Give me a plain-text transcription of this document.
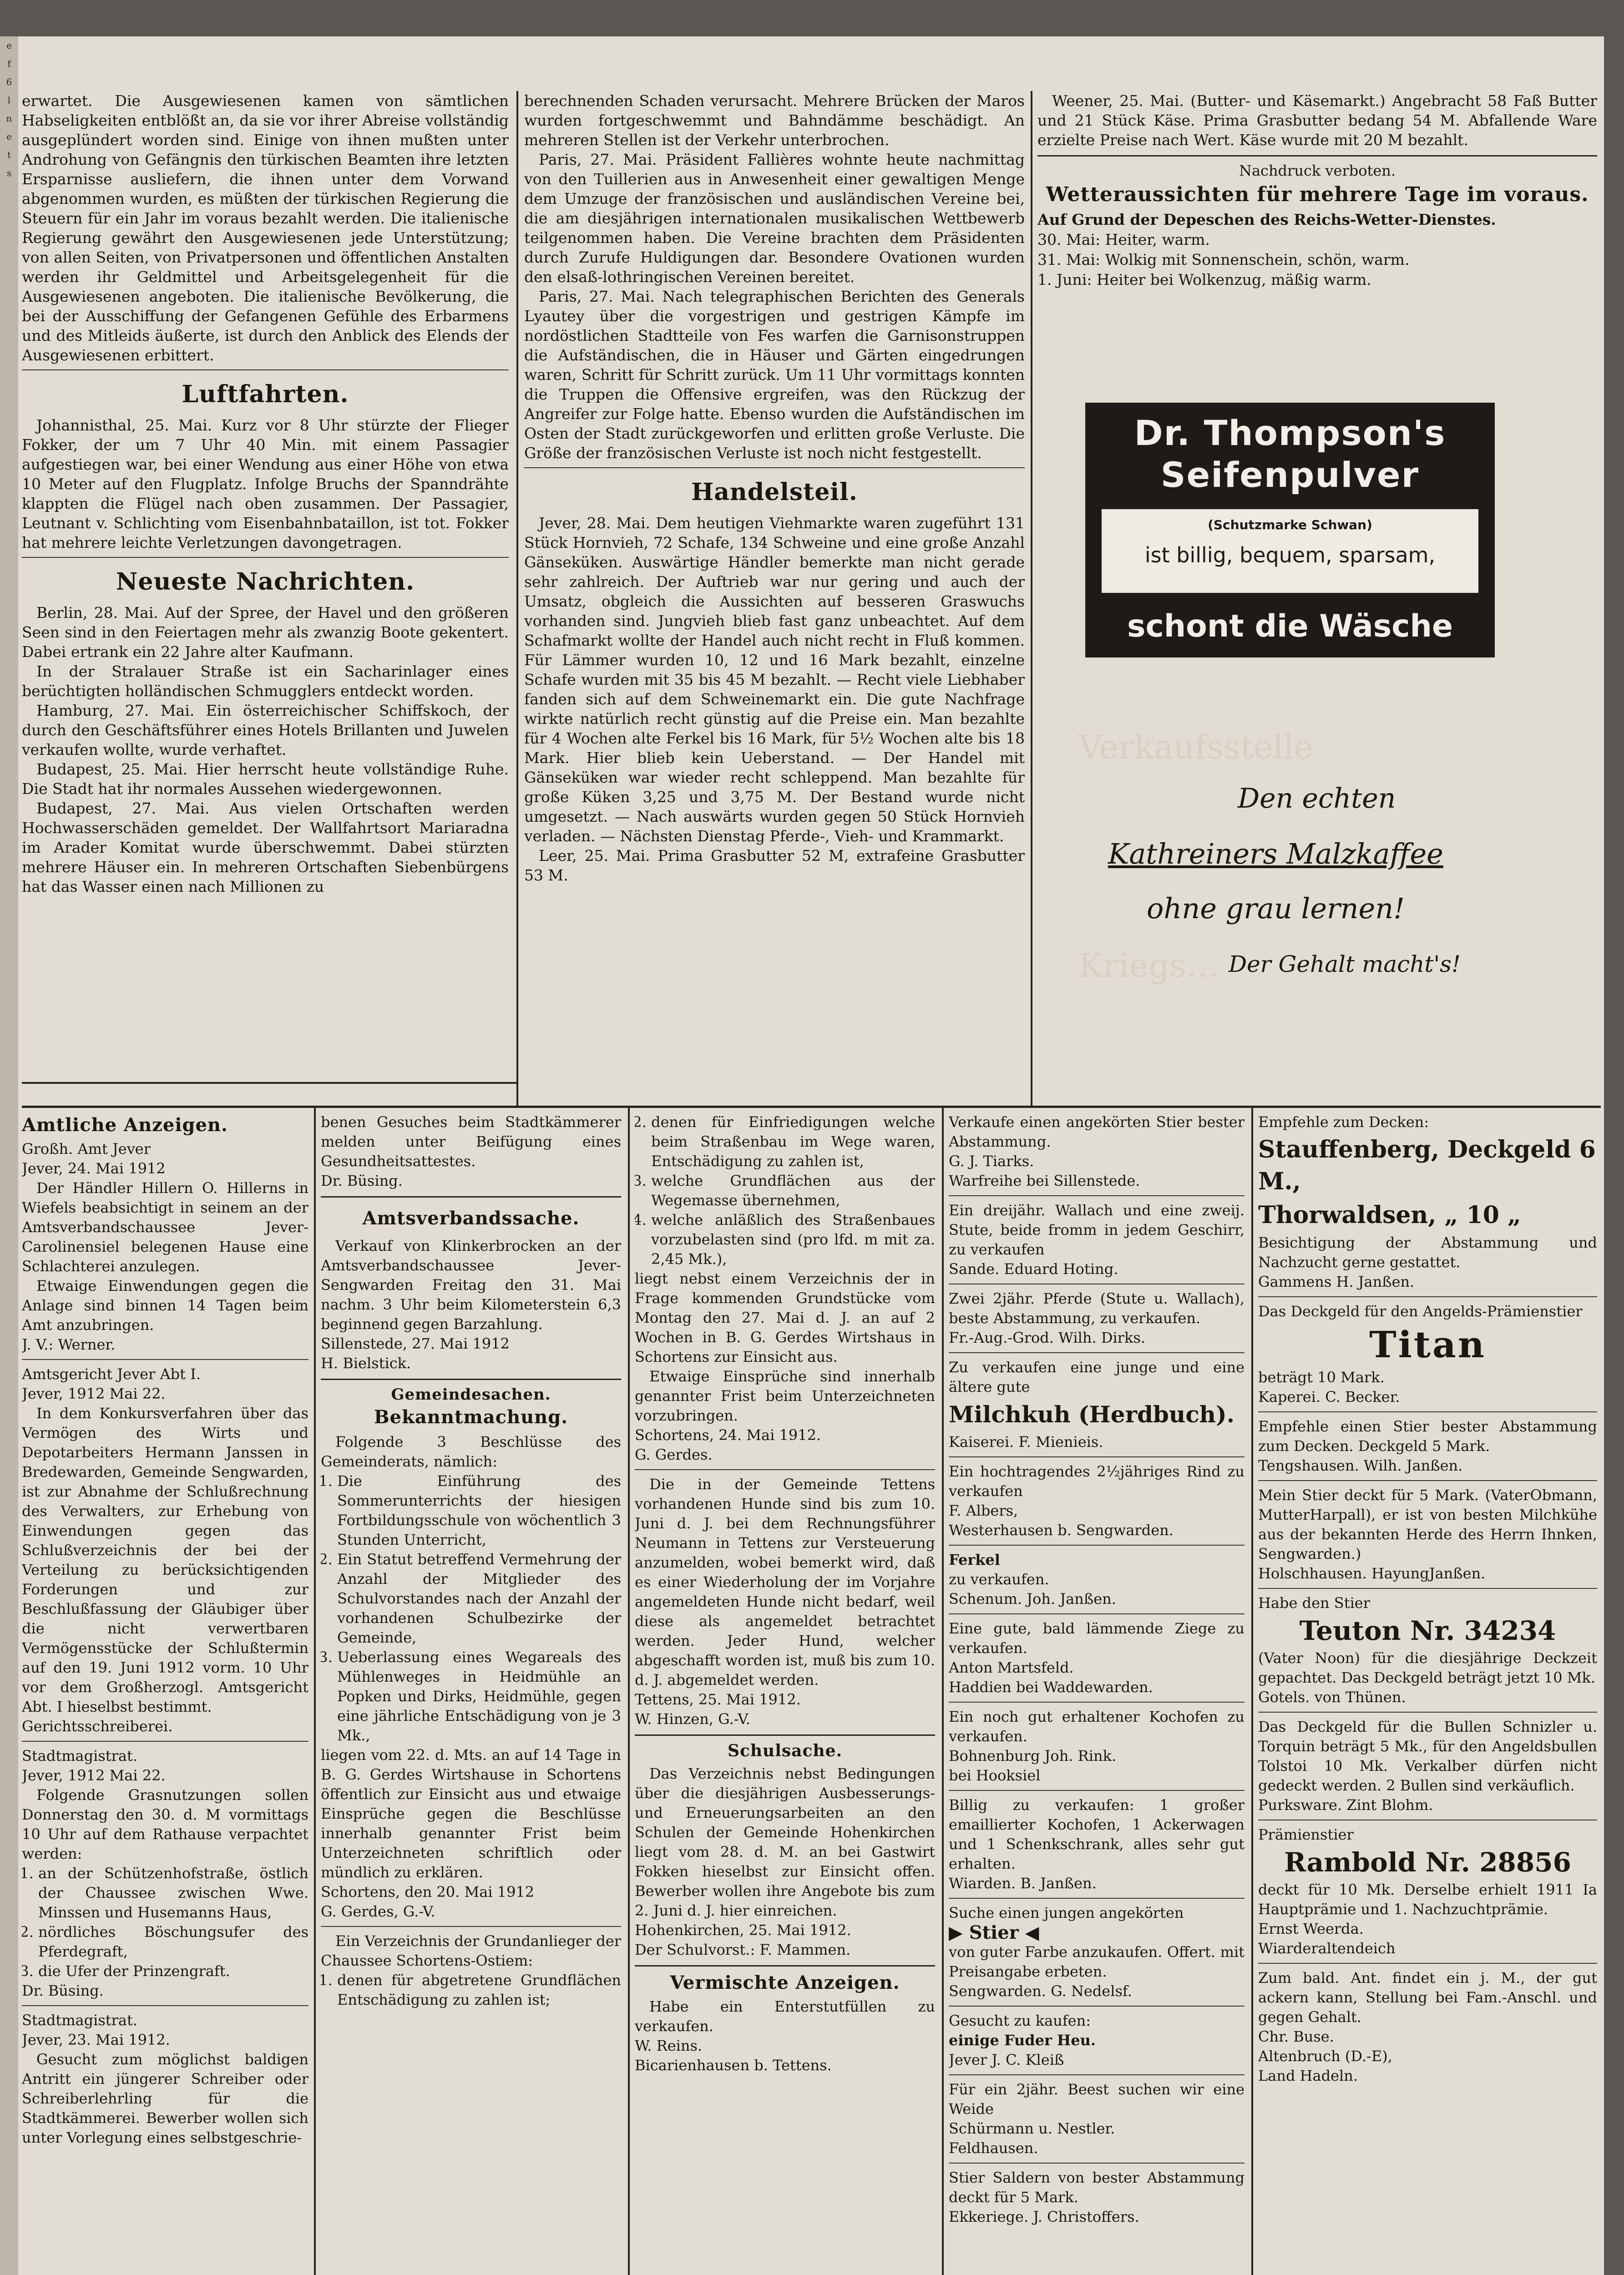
e
f
6
l
n
e
t
s

erwartet. Die Ausgewiesenen kamen von sämtlichen Habseligkeiten entblößt an, da sie vor ihrer Abreise vollständig ausgeplündert worden sind. Einige von ihnen mußten unter Androhung von Gefängnis den türkischen Beamten ihre letzten Ersparnisse ausliefern, die ihnen unter dem Vorwand abgenommen wurden, es müßten der türkischen Regierung die Steuern für ein Jahr im voraus bezahlt werden. Die italienische Regierung gewährt den Ausgewiesenen jede Unterstützung; von allen Seiten, von Privatpersonen und öffentlichen Anstalten werden ihr Geldmittel und Arbeitsgelegenheit für die Ausgewiesenen angeboten. Die italienische Bevölkerung, die bei der Ausschiffung der Gefangenen Gefühle des Erbarmens und des Mitleids äußerte, ist durch den Anblick des Elends der Ausgewiesenen erbittert.

Luftfahrten.

Johannisthal, 25. Mai. Kurz vor 8 Uhr stürzte der Flieger Fokker, der um 7 Uhr 40 Min. mit einem Passagier aufgestiegen war, bei einer Wendung aus einer Höhe von etwa 10 Meter auf den Flugplatz. Infolge Bruchs der Spanndrähte klappten die Flügel nach oben zusammen. Der Passagier, Leutnant v. Schlichting vom Eisenbahnbataillon, ist tot. Fokker hat mehrere leichte Verletzungen davongetragen.

Neueste Nachrichten.

Berlin, 28. Mai. Auf der Spree, der Havel und den größeren Seen sind in den Feiertagen mehr als zwanzig Boote gekentert. Dabei ertrank ein 22 Jahre alter Kaufmann.

In der Stralauer Straße ist ein Sacharinlager eines berüchtigten holländischen Schmugglers entdeckt worden.

Hamburg, 27. Mai. Ein österreichischer Schiffskoch, der durch den Geschäftsführer eines Hotels Brillanten und Juwelen verkaufen wollte, wurde verhaftet.

Budapest, 25. Mai. Hier herrscht heute vollständige Ruhe. Die Stadt hat ihr normales Aussehen wiedergewonnen.

Budapest, 27. Mai. Aus vielen Ortschaften werden Hochwasserschäden gemeldet. Der Wallfahrtsort Mariaradna im Arader Komitat wurde überschwemmt. Dabei stürzten mehrere Häuser ein. In mehreren Ortschaften Siebenbürgens hat das Wasser einen nach Millionen zu

berechnenden Schaden verursacht. Mehrere Brücken der Maros wurden fortgeschwemmt und Bahndämme beschädigt. An mehreren Stellen ist der Verkehr unterbrochen.

Paris, 27. Mai. Präsident Fallières wohnte heute nachmittag von den Tuillerien aus in Anwesenheit einer gewaltigen Menge dem Umzuge der französischen und ausländischen Vereine bei, die am diesjährigen internationalen musikalischen Wettbewerb teilgenommen haben. Die Vereine brachten dem Präsidenten durch Zurufe Huldigungen dar. Besondere Ovationen wurden den elsaß-lothringischen Vereinen bereitet.

Paris, 27. Mai. Nach telegraphischen Berichten des Generals Lyautey über die vorgestrigen und gestrigen Kämpfe im nordöstlichen Stadtteile von Fes warfen die Garnisonstruppen die Aufständischen, die in Häuser und Gärten eingedrungen waren, Schritt für Schritt zurück. Um 11 Uhr vormittags konnten die Truppen die Offensive ergreifen, was den Rückzug der Angreifer zur Folge hatte. Ebenso wurden die Aufständischen im Osten der Stadt zurückgeworfen und erlitten große Verluste. Die Größe der französischen Verluste ist noch nicht festgestellt.

Handelsteil.

Jever, 28. Mai. Dem heutigen Viehmarkte waren zugeführt 131 Stück Hornvieh, 72 Schafe, 134 Schweine und eine große Anzahl Gänseküken. Auswärtige Händler bemerkte man nicht gerade sehr zahlreich. Der Auftrieb war nur gering und auch der Umsatz, obgleich die Aussichten auf besseren Graswuchs vorhanden sind. Jungvieh blieb fast ganz unbeachtet. Auf dem Schafmarkt wollte der Handel auch nicht recht in Fluß kommen. Für Lämmer wurden 10, 12 und 16 Mark bezahlt, einzelne Schafe wurden mit 35 bis 45 M bezahlt. — Recht viele Liebhaber fanden sich auf dem Schweinemarkt ein. Die gute Nachfrage wirkte natürlich recht günstig auf die Preise ein. Man bezahlte für 4 Wochen alte Ferkel bis 16 Mark, für 5½ Wochen alte bis 18 Mark. Hier blieb kein Ueberstand. — Der Handel mit Gänseküken war wieder recht schleppend. Man bezahlte für große Küken 3,25 und 3,75 M. Der Bestand wurde nicht umgesetzt. — Nach auswärts wurden gegen 50 Stück Hornvieh verladen. — Nächsten Dienstag Pferde-, Vieh- und Krammarkt.

Leer, 25. Mai. Prima Grasbutter 52 M, extrafeine Grasbutter 53 M.

Weener, 25. Mai. (Butter- und Käsemarkt.) Angebracht 58 Faß Butter und 21 Stück Käse. Prima Grasbutter bedang 54 M. Abfallende Ware erzielte Preise nach Wert. Käse wurde mit 20 M bezahlt.

Nachdruck verboten.
Wetteraussichten für mehrere Tage im voraus.

Auf Grund der Depeschen des Reichs-Wetter-Dienstes.

30. Mai: Heiter, warm.

31. Mai: Wolkig mit Sonnenschein, schön, warm.

1. Juni: Heiter bei Wolkenzug, mäßig warm.

Dr. Thompson's
Seifenpulver
(Schutzmarke Schwan)
ist billig, bequem, sparsam,
schont die Wäsche
Verkaufsstelle
Kriegs…
Den echten
Kathreiners Malzkaffee
ohne grau lernen!
Der Gehalt macht's!
Amtliche Anzeigen.

Großh. Amt Jever

Jever, 24. Mai 1912

Der Händler Hillern O. Hillerns in Wiefels beabsichtigt in seinem an der Amtsverbandschaussee Jever-Carolinensiel belegenen Hause eine Schlachterei anzulegen.

Etwaige Einwendungen gegen die Anlage sind binnen 14 Tagen beim Amt anzubringen.

J. V.: Werner.

Amtsgericht Jever Abt I.

Jever, 1912 Mai 22.

In dem Konkursverfahren über das Vermögen des Wirts und Depotarbeiters Hermann Janssen in Bredewarden, Gemeinde Sengwarden, ist zur Abnahme der Schlußrechnung des Verwalters, zur Erhebung von Einwendungen gegen das Schlußverzeichnis der bei der Verteilung zu berücksichtigenden Forderungen und zur Beschlußfassung der Gläubiger über die nicht verwertbaren Vermögensstücke der Schlußtermin auf den 19. Juni 1912 vorm. 10 Uhr vor dem Großherzogl. Amtsgericht Abt. I hieselbst bestimmt.

Gerichtsschreiberei.

Stadtmagistrat.

Jever, 1912 Mai 22.

Folgende Grasnutzungen sollen Donnerstag den 30. d. M vormittags 10 Uhr auf dem Rathause verpachtet werden:

1. an der Schützenhofstraße, östlich der Chaussee zwischen Wwe. Minssen und Husemanns Haus,
2. nördliches Böschungsufer des Pferdegraft,
3. die Ufer der Prinzengraft.

Dr. Büsing.

Stadtmagistrat.

Jever, 23. Mai 1912.

Gesucht zum möglichst baldigen Antritt ein jüngerer Schreiber oder Schreiberlehrling für die Stadtkämmerei. Bewerber wollen sich unter Vorlegung eines selbstgeschrie-

benen Gesuches beim Stadtkämmerer melden unter Beifügung eines Gesundheitsattestes.

Dr. Büsing.

Amtsverbandssache.

Verkauf von Klinkerbrocken an der Amtsverbandschaussee Jever-Sengwarden Freitag den 31. Mai nachm. 3 Uhr beim Kilometerstein 6,3 beginnend gegen Barzahlung.

Sillenstede, 27. Mai 1912

H. Bielstick.

Gemeindesachen.
Bekanntmachung.

Folgende 3 Beschlüsse des Gemeinderats, nämlich:

1. Die Einführung des Sommerunterrichts der hiesigen Fortbildungsschule von wöchentlich 3 Stunden Unterricht,
2. Ein Statut betreffend Vermehrung der Anzahl der Mitglieder des Schulvorstandes nach der Anzahl der vorhandenen Schulbezirke der Gemeinde,
3. Ueberlassung eines Wegareals des Mühlenweges in Heidmühle an Popken und Dirks, Heidmühle, gegen eine jährliche Entschädigung von je 3 Mk.,

liegen vom 22. d. Mts. an auf 14 Tage in B. G. Gerdes Wirtshause in Schortens öffentlich zur Einsicht aus und etwaige Einsprüche gegen die Beschlüsse innerhalb genannter Frist beim Unterzeichneten schriftlich oder mündlich zu erklären.

Schortens, den 20. Mai 1912

G. Gerdes, G.-V.

Ein Verzeichnis der Grundanlieger der Chaussee Schortens-Ostiem:

1. denen für abgetretene Grundflächen Entschädigung zu zahlen ist;
2. denen für Einfriedigungen welche beim Straßenbau im Wege waren, Entschädigung zu zahlen ist,
3. welche Grundflächen aus der Wegemasse übernehmen,
4. welche anläßlich des Straßenbaues vorzubelasten sind (pro lfd. m mit za. 2,45 Mk.),

liegt nebst einem Verzeichnis der in Frage kommenden Grundstücke vom Montag den 27. Mai d. J. an auf 2 Wochen in B. G. Gerdes Wirtshaus in Schortens zur Einsicht aus.

Etwaige Einsprüche sind innerhalb genannter Frist beim Unterzeichneten vorzubringen.

Schortens, 24. Mai 1912.

G. Gerdes.

Die in der Gemeinde Tettens vorhandenen Hunde sind bis zum 10. Juni d. J. bei dem Rechnungsführer Neumann in Tettens zur Versteuerung anzumelden, wobei bemerkt wird, daß es einer Wiederholung der im Vorjahre angemeldeten Hunde nicht bedarf, weil diese als angemeldet betrachtet werden. Jeder Hund, welcher abgeschafft worden ist, muß bis zum 10. d. J. abgemeldet werden.

Tettens, 25. Mai 1912.

W. Hinzen, G.-V.

Schulsache.

Das Verzeichnis nebst Bedingungen über die diesjährigen Ausbesserungs- und Erneuerungsarbeiten an den Schulen der Gemeinde Hohenkirchen liegt vom 28. d. M. an bei Gastwirt Fokken hieselbst zur Einsicht offen. Bewerber wollen ihre Angebote bis zum 2. Juni d. J. hier einreichen.

Hohenkirchen, 25. Mai 1912.

Der Schulvorst.: F. Mammen.

Vermischte Anzeigen.

Habe ein Enterstutfüllen zu verkaufen.

W. Reins.

Bicarienhausen b. Tettens.

Verkaufe einen angekörten Stier bester Abstammung.

G. J. Tiarks.

Warfreihe bei Sillenstede.

Ein dreijähr. Wallach und eine zweij. Stute, beide fromm in jedem Geschirr, zu verkaufen

Sande. Eduard Hoting.

Zwei 2jähr. Pferde (Stute u. Wallach), beste Abstammung, zu verkaufen.

Fr.-Aug.-Grod. Wilh. Dirks.

Zu verkaufen eine junge und eine ältere gute

Milchkuh (Herdbuch).

Kaiserei. F. Mienieis.

Ein hochtragendes 2½jähriges Rind zu verkaufen

F. Albers,

Westerhausen b. Sengwarden.

Ferkel

zu verkaufen.

Schenum. Joh. Janßen.

Eine gute, bald lämmende Ziege zu verkaufen.

Anton Martsfeld.

Haddien bei Waddewarden.

Ein noch gut erhaltener Kochofen zu verkaufen.

Bohnenburg Joh. Rink.

bei Hooksiel

Billig zu verkaufen: 1 großer emaillierter Kochofen, 1 Ackerwagen und 1 Schenkschrank, alles sehr gut erhalten.

Wiarden. B. Janßen.

Suche einen jungen angekörten

▶ Stier ◀

von guter Farbe anzukaufen. Offert. mit Preisangabe erbeten.

Sengwarden. G. Nedelsf.

Gesucht zu kaufen:

einige Fuder Heu.

Jever J. C. Kleiß

Für ein 2jähr. Beest suchen wir eine Weide

Schürmann u. Nestler.

Feldhausen.

Stier Saldern von bester Abstammung deckt für 5 Mark.

Ekkeriege. J. Christoffers.

Empfehle zum Decken:

Stauffenberg, Deckgeld 6 M.,

Thorwaldsen, „ 10 „

Besichtigung der Abstammung und Nachzucht gerne gestattet.

Gammens H. Janßen.

Das Deckgeld für den Angelds-Prämienstier

Titan

beträgt 10 Mark.

Kaperei. C. Becker.

Empfehle einen Stier bester Abstammung zum Decken. Deckgeld 5 Mark.

Tengshausen. Wilh. Janßen.

Mein Stier deckt für 5 Mark. (VaterObmann, MutterHarpall), er ist von besten Milchkühe aus der bekannten Herde des Herrn Ihnken, Sengwarden.)

Holschhausen. HayungJanßen.

Habe den Stier

Teuton Nr. 34234

(Vater Noon) für die diesjährige Deckzeit gepachtet. Das Deckgeld beträgt jetzt 10 Mk.

Gotels. von Thünen.

Das Deckgeld für die Bullen Schnizler u. Torquin beträgt 5 Mk., für den Angeldsbullen Tolstoi 10 Mk. Verkalber dürfen nicht gedeckt werden. 2 Bullen sind verkäuflich.

Purksware. Zint Blohm.

Prämienstier

Rambold Nr. 28856

deckt für 10 Mk. Derselbe erhielt 1911 Ia Hauptprämie und 1. Nachzuchtprämie.

Ernst Weerda.

Wiarderaltendeich

Zum bald. Ant. findet ein j. M., der gut ackern kann, Stellung bei Fam.-Anschl. und gegen Gehalt.

Chr. Buse.

Altenbruch (D.-E),

Land Hadeln.
